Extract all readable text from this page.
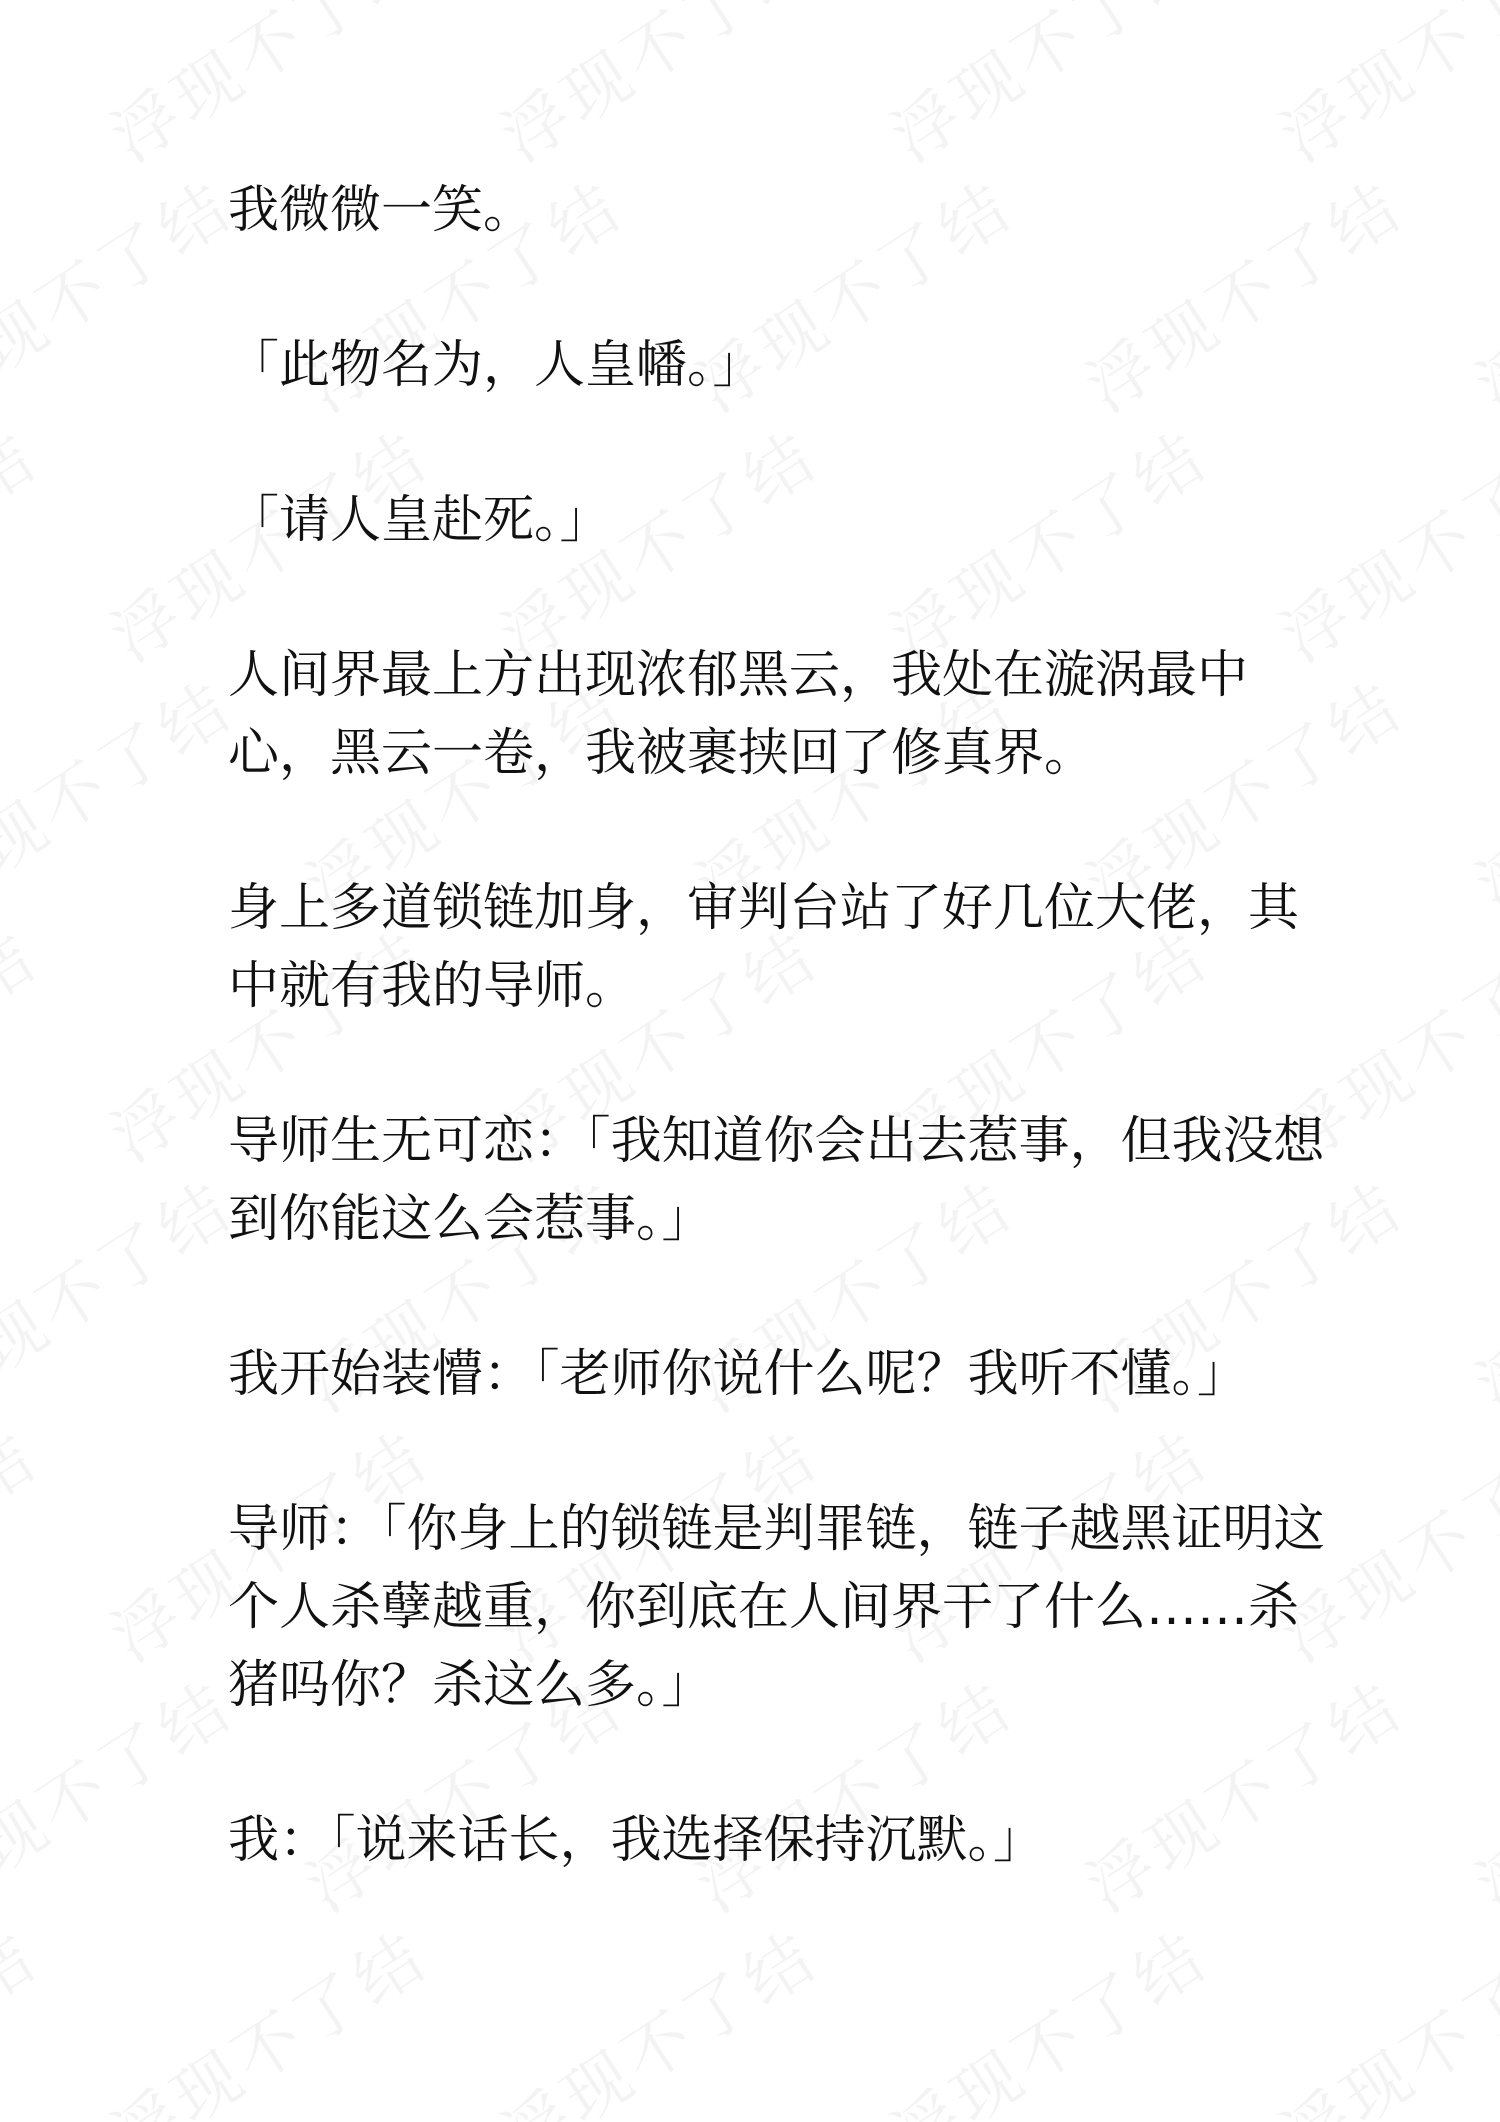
我微微一笑。

「此物名为，人皇幡。」

「请人皇赴死。」

人间界最上方出现浓郁黑云，我处在漩涡最中心，黑云一卷，我被裹挟回了修真界。

身上多道锁链加身，审判台站了好几位大佬，其中就有我的导师。

导师生无可恋：「我知道你会出去惹事，但我没想到你能这么会惹事。」

我开始装懵：「老师你说什么呢？我听不懂。」

导师：「你身上的锁链是判罪链，链子越黑证明这个人杀孽越重，你到底在人间界干了什么……杀猪吗你？杀这么多。」

我：「说来话长，我选择保持沉默。」
